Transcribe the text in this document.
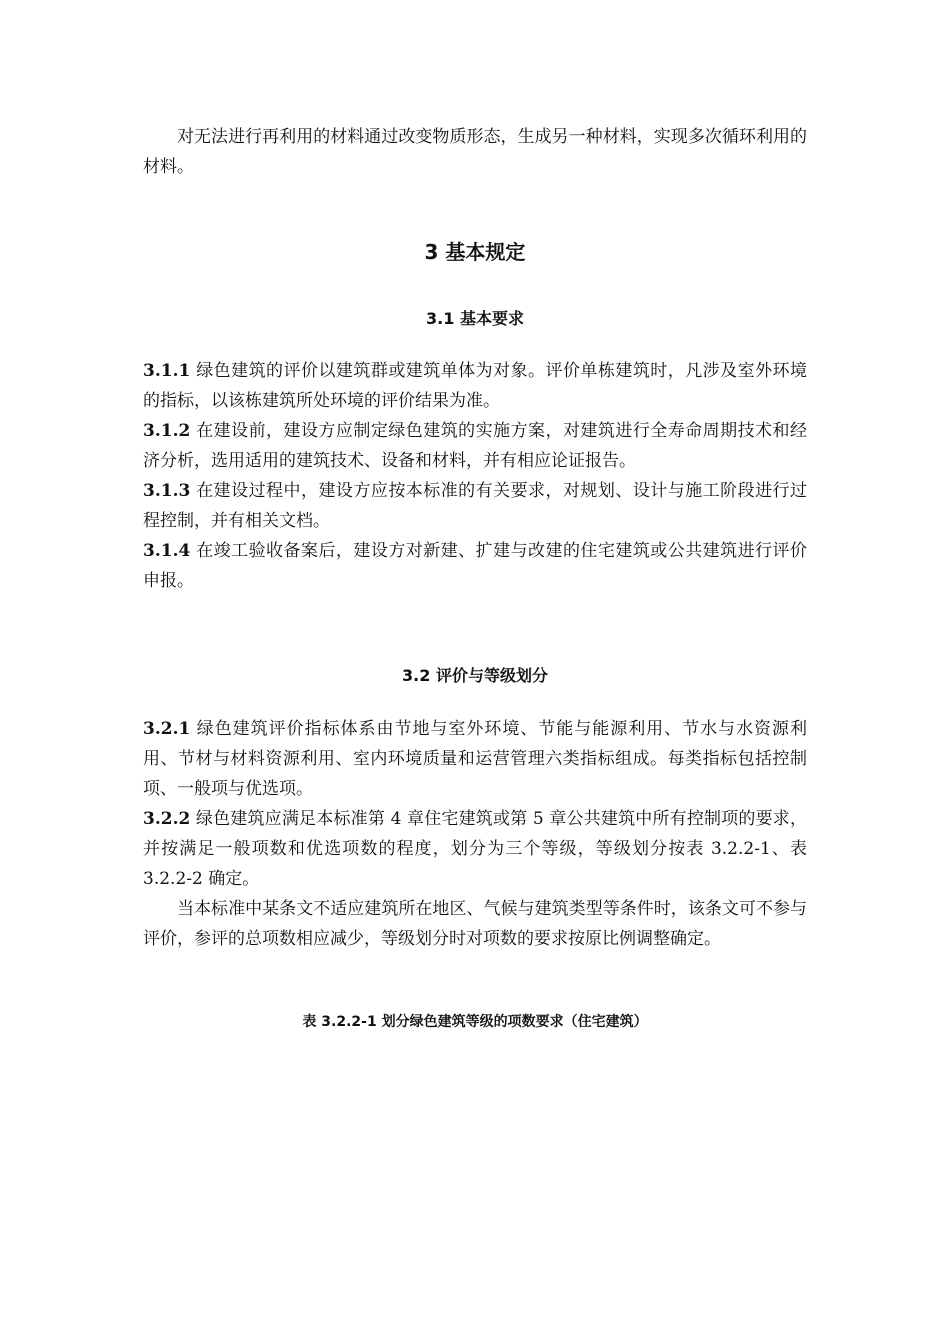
对无法进行再利用的材料通过改变物质形态，生成另一种材料，实现多次循环利用的材料。

3 基本规定
3.1 基本要求

3.1.1 绿色建筑的评价以建筑群或建筑单体为对象。评价单栋建筑时，凡涉及室外环境的指标，以该栋建筑所处环境的评价结果为准。

3.1.2 在建设前，建设方应制定绿色建筑的实施方案，对建筑进行全寿命周期技术和经济分析，选用适用的建筑技术、设备和材料，并有相应论证报告。

3.1.3 在建设过程中，建设方应按本标准的有关要求，对规划、设计与施工阶段进行过程控制，并有相关文档。

3.1.4 在竣工验收备案后，建设方对新建、扩建与改建的住宅建筑或公共建筑进行评价申报。

3.2 评价与等级划分

3.2.1 绿色建筑评价指标体系由节地与室外环境、节能与能源利用、节水与水资源利用、节材与材料资源利用、室内环境质量和运营管理六类指标组成。每类指标包括控制项、一般项与优选项。

3.2.2 绿色建筑应满足本标准第 4 章住宅建筑或第 5 章公共建筑中所有控制项的要求，并按满足一般项数和优选项数的程度，划分为三个等级，等级划分按表 3.2.2-1、表 3.2.2-2 确定。

当本标准中某条文不适应建筑所在地区、气候与建筑类型等条件时，该条文可不参与评价，参评的总项数相应减少，等级划分时对项数的要求按原比例调整确定。

表 3.2.2-1 划分绿色建筑等级的项数要求（住宅建筑）
